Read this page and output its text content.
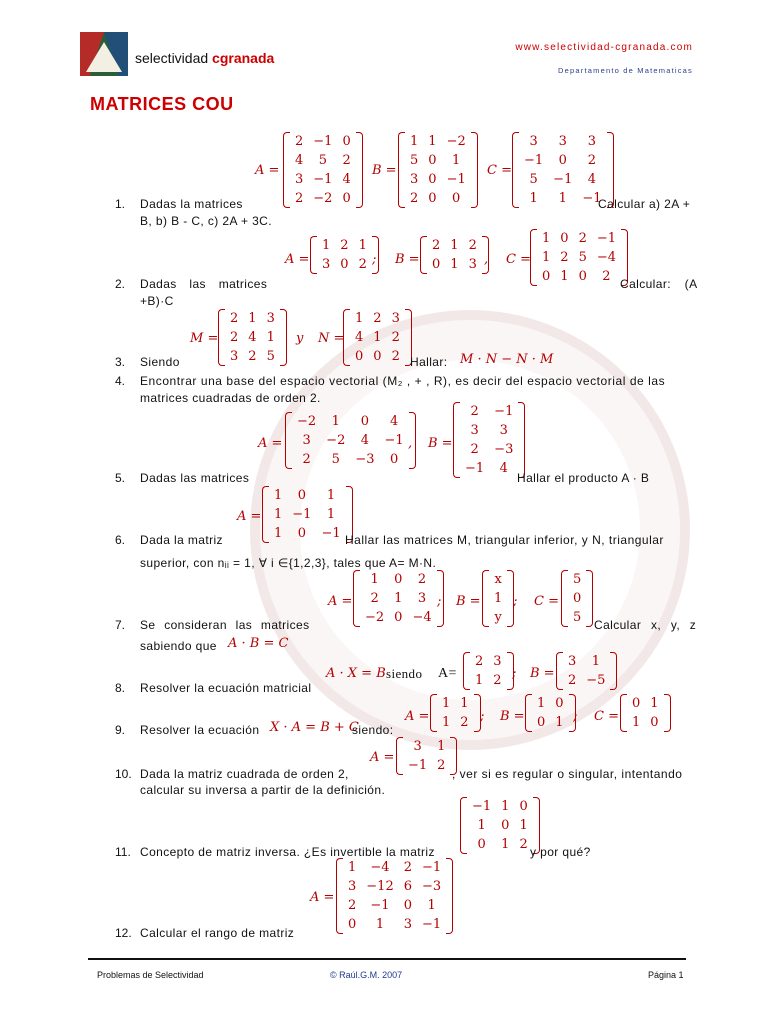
selectividad cgranada
www.selectividad-cgranada.com
Departamento de Matematicas
MATRICES COU
A =
2	−1	0
4	5	2
3	−1	4
2	−2	0
B =
1	1	−2
5	0	1
3	0	−1
2	0	0
C =
3	3	3
−1	0	2
5	−1	4
1	1	−1
1. Dadas la matrices	Calcular a) 2A +
B, b) B - C, c) 2A + 3C.
A =
1	2	1
3	0	2 ; B =
2	1	2
0	1	3 , C =
1	0	2	−1
1	2	5	−4
0	1	0	2
2. Dadas las matrices	Calcular: (A
+B)·C
M =
2	1	3
2	4	1
3	2	5
y N =
1	2	3
4	1	2
0	0	2
3. Siendo	Hallar: M · N − N · M
4. Encontrar una base del espacio vectorial (M₂ , + , R), es decir del espacio vectorial de las
matrices cuadradas de orden 2.
A =
−2	1	0	4
3	−2	4	−1
2	5	−3	0
, B =
2	−1
3	3
2	−3
−1	4
5. Dadas las matrices	Hallar el producto A · B
A =
1	0	1
1	−1	1
1	0	−1
6. Dada la matriz	Hallar las matrices M, triangular inferior, y N, triangular
superior, con nᵢᵢ = 1, ∀ i ∈{1,2,3}, tales que A= M·N.
A =
1	0	2
2	1	3
−2	0	−4
; B =
x
1
y
; C =
5
0
5
7. Se consideran las matrices	Calcular x, y, z
sabiendo que A · B = C
A · X = B siendo A=
2	3
1	2 ; B =
3	1
2	−5
8. Resolver la ecuación matricial
A =
1	1
1	2 ; B =
1	0
0	1 ; C =
0	1
1	0
9. Resolver la ecuación X · A = B + C
siendo:
A =
3	1
−1	2
10. Dada la matriz cuadrada de orden 2,	, ver si es regular o singular, intentando
calcular su inversa a partir de la definición.
−1	1	0
1	0	1
0	1	2
11. Concepto de matriz inversa. ¿Es invertible la matriz	y por qué?
A =
1	−4	2	−1
3	−12	6	−3
2	−1	0	1
0	1	3	−1
12. Calcular el rango de matriz
Problemas de Selectividad	© Raúl.G.M. 2007	Página 1
